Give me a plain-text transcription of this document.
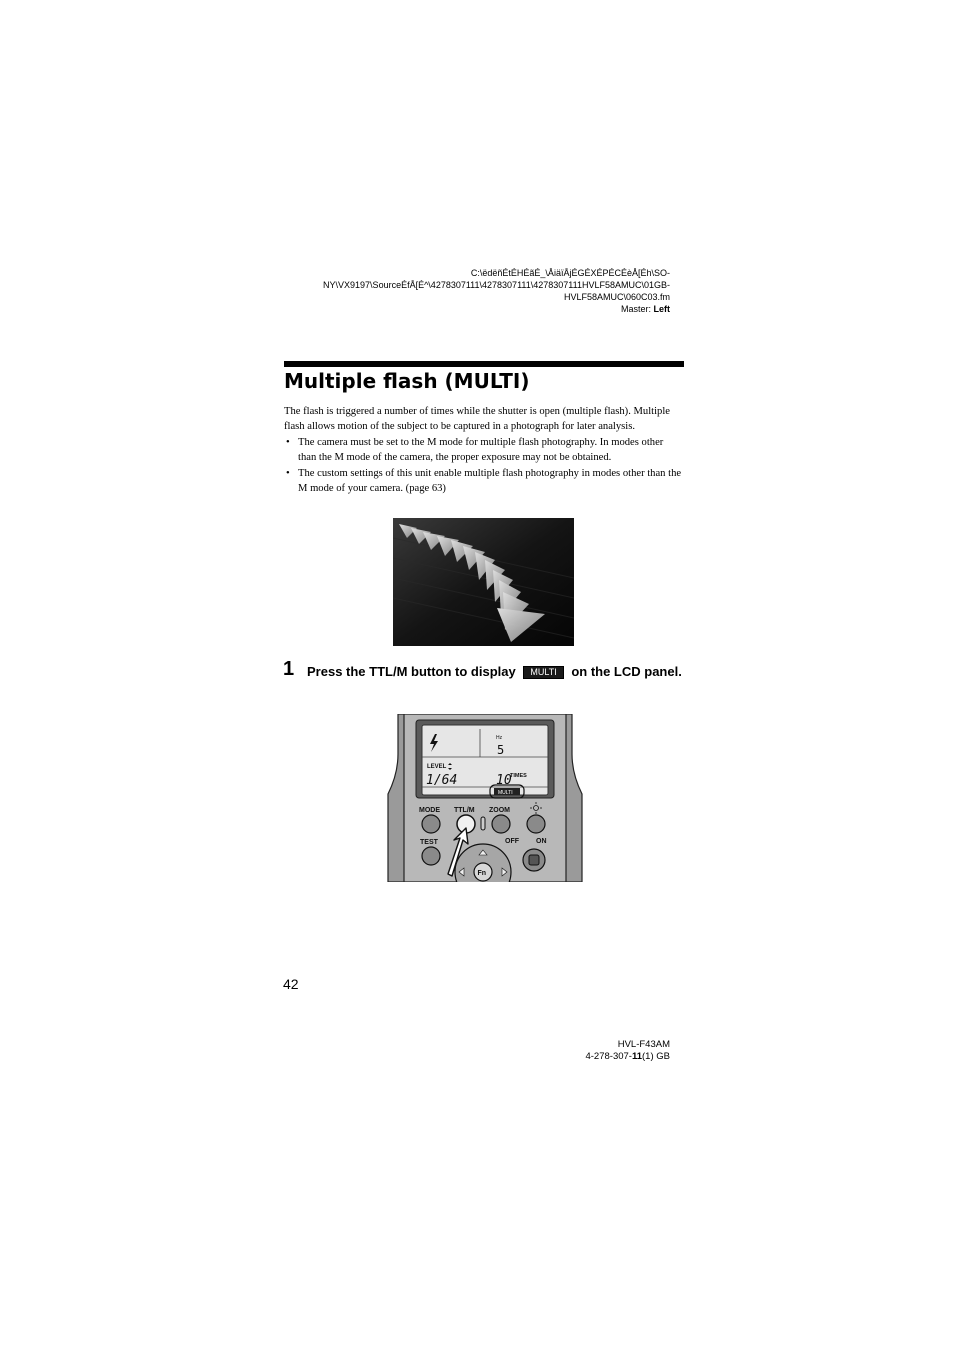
C:\ëdëñÉtÉHÉãÉ_\ÅiäïÅjÉGÉXÉPÉCÉèÅ[Éh\SO-
NY\VX9197\SourceÉfÅ[É^\4278307111\4278307111\4278307111HVLF58AMUC\01GB-
HVLF58AMUC\060C03.fm
Master: Left
Multiple flash (MULTI)

The flash is triggered a number of times while the shutter is open (multiple flash). Multiple flash allows motion of the subject to be captured in a photograph for later analysis.

• The camera must be set to the M mode for multiple flash photography. In modes other than the M mode of the camera, the proper exposure may not be obtained.
• The custom settings of this unit enable multiple flash photography in modes other than the M mode of your camera. (page 63)
1 Press the TTL/M button to display MULTI on the LCD panel.
Hz
5
LEVEL
1/64	10
TIMES
MULTI
MODE TTL/M ZOOM
TEST	OFF ON
Fn
42
HVL-F43AM
4-278-307-11(1) GB
